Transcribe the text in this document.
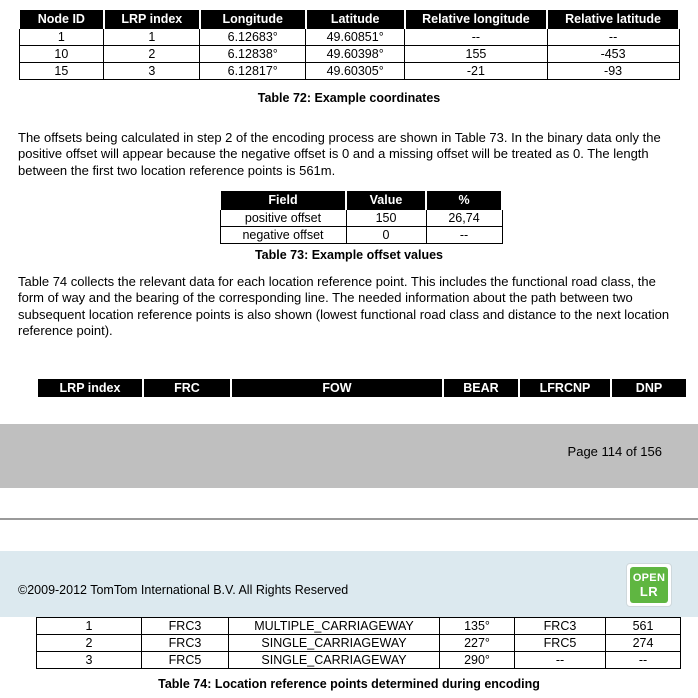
Node ID	LRP index	Longitude	Latitude	Relative longitude	Relative latitude
1	1	6.12683°	49.60851°	--	--
10	2	6.12838°	49.60398°	155	-453
15	3	6.12817°	49.60305°	-21	-93
Table 72: Example coordinates

The offsets being calculated in step 2 of the encoding process are shown in Table 73. In the binary data only the positive offset will appear because the negative offset is 0 and a missing offset will be treated as 0. The length between the first two location reference points is 561m.

Field	Value	%
positive offset	150	26,74
negative offset	0	--
Table 73: Example offset values

Table 74 collects the relevant data for each location reference point. This includes the functional road class, the form of way and the bearing of the corresponding line. The needed information about the path between two subsequent location reference points is also shown (lowest functional road class and distance to the next location reference point).

LRP index	FRC	FOW	BEAR	LFRCNP	DNP
Page 114 of 156
©2009-2012 TomTom International B.V. All Rights Reserved
OPEN
LR
1	FRC3	MULTIPLE_CARRIAGEWAY	135°	FRC3	561
2	FRC3	SINGLE_CARRIAGEWAY	227°	FRC5	274
3	FRC5	SINGLE_CARRIAGEWAY	290°	--	--
Table 74: Location reference points determined during encoding
